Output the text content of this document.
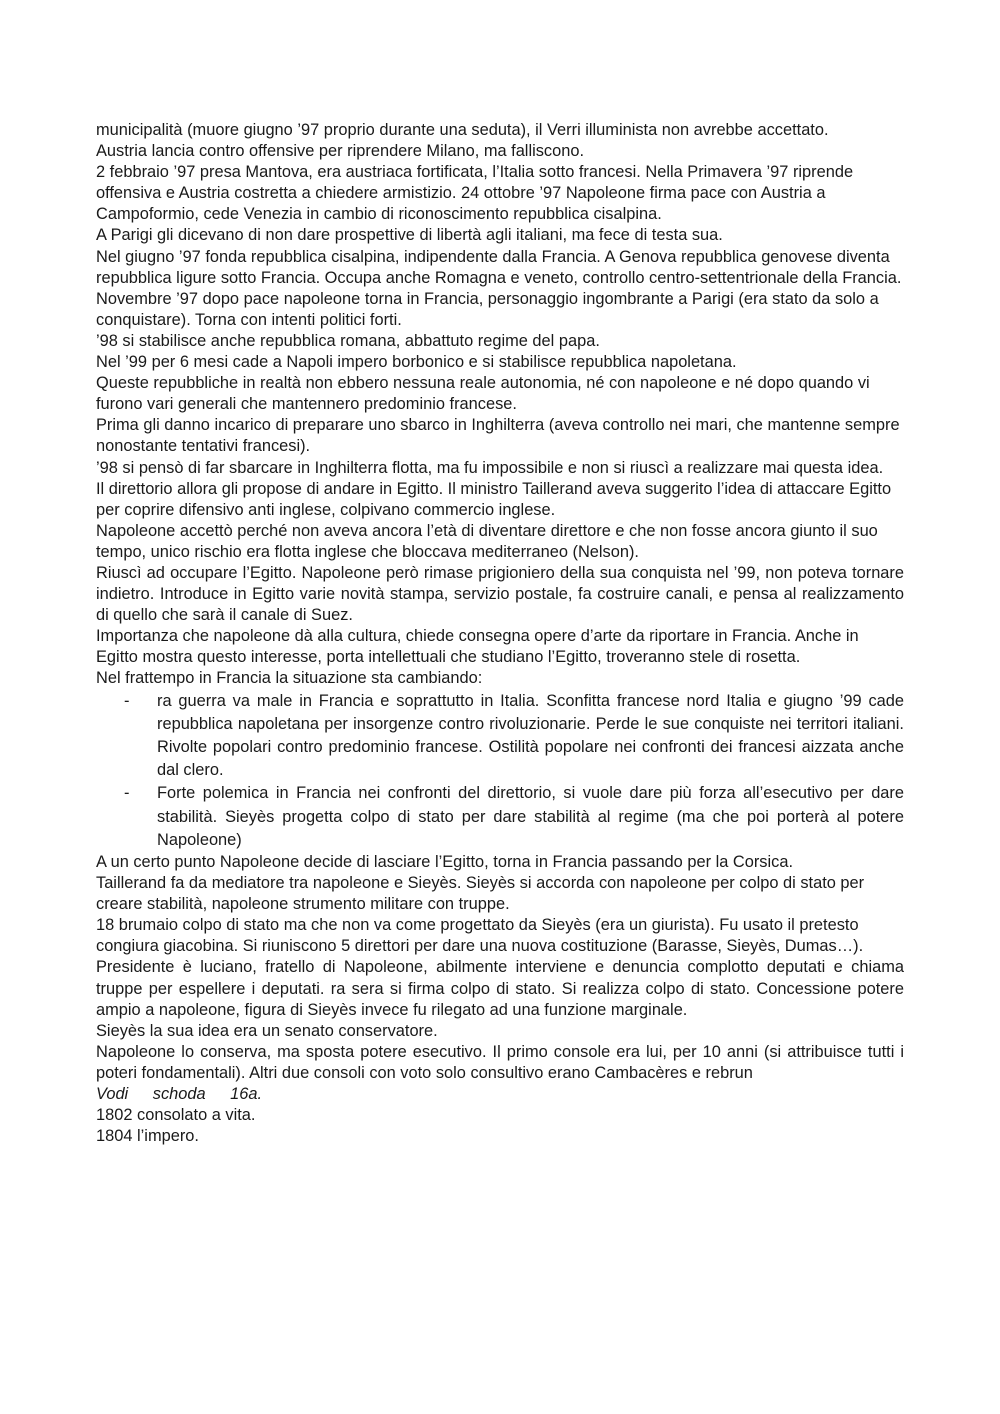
municipalità (muore giugno ’97 proprio durante una seduta), il Verri illuminista non avrebbe accettato.

Austria lancia contro offensive per riprendere Milano, ma falliscono.

2 febbraio ’97 presa Mantova, era austriaca fortificata, l’Italia sotto francesi. Nella Primavera ’97 riprende offensiva e Austria costretta a chiedere armistizio. 24 ottobre ’97 Napoleone firma pace con Austria a Campoformio, cede Venezia in cambio di riconoscimento repubblica cisalpina.

A Parigi gli dicevano di non dare prospettive di libertà agli italiani, ma fece di testa sua.

Nel giugno ’97 fonda repubblica cisalpina, indipendente dalla Francia. A Genova repubblica genovese diventa repubblica ligure sotto Francia. Occupa anche Romagna e veneto, controllo centro-settentrionale della Francia.

Novembre ’97 dopo pace napoleone torna in Francia, personaggio ingombrante a Parigi (era stato da solo a conquistare). Torna con intenti politici forti.

’98 si stabilisce anche repubblica romana, abbattuto regime del papa.

Nel ’99 per 6 mesi cade a Napoli impero borbonico e si stabilisce repubblica napoletana.

Queste repubbliche in realtà non ebbero nessuna reale autonomia, né con napoleone e né dopo quando vi furono vari generali che mantennero predominio francese.

Prima gli danno incarico di preparare uno sbarco in Inghilterra (aveva controllo nei mari, che mantenne sempre nonostante tentativi francesi).

’98 si pensò di far sbarcare in Inghilterra flotta, ma fu impossibile e non si riuscì a realizzare mai questa idea.

Il direttorio allora gli propose di andare in Egitto. Il ministro Taillerand aveva suggerito l’idea di attaccare Egitto per coprire difensivo anti inglese, colpivano commercio inglese.

Napoleone accettò perché non aveva ancora l’età di diventare direttore e che non fosse ancora giunto il suo tempo, unico rischio era flotta inglese che bloccava mediterraneo (Nelson).

Riuscì ad occupare l’Egitto. Napoleone però rimase prigioniero della sua conquista nel ’99, non poteva tornare indietro. Introduce in Egitto varie novità stampa, servizio postale, fa costruire canali, e pensa al realizzamento di quello che sarà il canale di Suez.

Importanza che napoleone dà alla cultura, chiede consegna opere d’arte da riportare in Francia. Anche in Egitto mostra questo interesse, porta intellettuali che studiano l’Egitto, troveranno stele di rosetta.

Nel frattempo in Francia la situazione sta cambiando:

- ra guerra va male in Francia e soprattutto in Italia. Sconfitta francese nord Italia e giugno ’99 cade repubblica napoletana per insorgenze contro rivoluzionarie. Perde le sue conquiste nei territori italiani. Rivolte popolari contro predominio francese. Ostilità popolare nei confronti dei francesi aizzata anche dal clero.
- Forte polemica in Francia nei confronti del direttorio, si vuole dare più forza all’esecutivo per dare stabilità. Sieyès progetta colpo di stato per dare stabilità al regime (ma che poi porterà al potere Napoleone)

A un certo punto Napoleone decide di lasciare l’Egitto, torna in Francia passando per la Corsica.

Taillerand fa da mediatore tra napoleone e Sieyès. Sieyès si accorda con napoleone per colpo di stato per creare stabilità, napoleone strumento militare con truppe.

18 brumaio colpo di stato ma che non va come progettato da Sieyès (era un giurista). Fu usato il pretesto congiura giacobina. Si riuniscono 5 direttori per dare una nuova costituzione (Barasse, Sieyès, Dumas…).

Presidente è luciano, fratello di Napoleone, abilmente interviene e denuncia complotto deputati e chiama truppe per espellere i deputati. ra sera si firma colpo di stato. Si realizza colpo di stato. Concessione potere ampio a napoleone, figura di Sieyès invece fu rilegato ad una funzione marginale.

Sieyès la sua idea era un senato conservatore.

Napoleone lo conserva, ma sposta potere esecutivo. Il primo console era lui, per 10 anni (si attribuisce tutti i poteri fondamentali). Altri due consoli con voto solo consultivo erano Cambacères e rebrun

Vodi schoda 16a.

1802 consolato a vita.

1804 l’impero.
